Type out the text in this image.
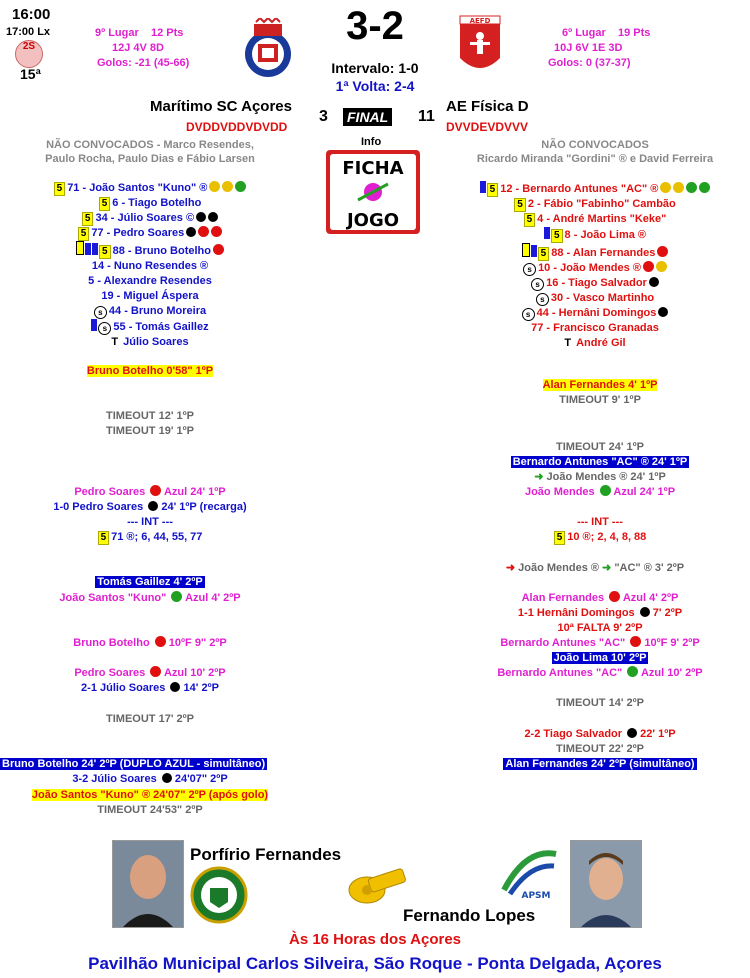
16:00
17:00 Lx
2S
15ª
9º Lugar 12 Pts
12J 4V 8D
Golos: -21 (45-66)
3-2
Intervalo: 1-0
1ª Volta: 2-4
AEFD
6º Lugar 19 Pts
10J 6V 1E 3D
Golos: 0 (37-37)
Marítimo SC Açores
3 FINAL 11
AE Física D
DVDDVDDVDVDD	DVVDEVDVVV
Info
FICHA
JOGO
NÃO CONVOCADOS - Marco Resendes,
Paulo Rocha, Paulo Dias e Fábio Larsen
NÃO CONVOCADOS
Ricardo Miranda "Gordini" ® e David Ferreira
5 71 - João Santos "Kuno" ®
5 6 - Tiago Botelho
5 34 - Júlio Soares ©
5 77 - Pedro Soares
5 88 - Bruno Botelho
14 - Nuno Resendes ®
5 - Alexandre Resendes
19 - Miguel Áspera
s 44 - Bruno Moreira
s 55 - Tomás Gaillez
T Júlio Soares
5 12 - Bernardo Antunes "AC" ®
5 2 - Fábio "Fabinho" Cambão
5 4 - André Martins "Keke"
5 8 - João Lima ®
5 88 - Alan Fernandes
s 10 - João Mendes ®
s 16 - Tiago Salvador
s 30 - Vasco Martinho
s 44 - Hernâni Domingos
77 - Francisco Granadas
T André Gil
Bruno Botelho 0'58" 1ºP
TIMEOUT 12' 1ºP
TIMEOUT 19' 1ºP
Pedro Soares Azul 24' 1ºP
1-0 Pedro Soares 24' 1ºP (recarga)
--- INT ---
5 71 ®; 6, 44, 55, 77
Tomás Gaillez 4' 2ºP
João Santos "Kuno" Azul 4' 2ºP
Bruno Botelho 10ºF 9'' 2ºP
Pedro Soares Azul 10' 2ºP
2-1 Júlio Soares 14' 2ºP
TIMEOUT 17' 2ºP
Bruno Botelho 24' 2ºP (DUPLO AZUL - simultâneo)
3-2 Júlio Soares 24'07" 2ºP
João Santos "Kuno" ® 24'07" 2ºP (após golo)
TIMEOUT 24'53" 2ºP
Alan Fernandes 4' 1ºP
TIMEOUT 9' 1ºP
TIMEOUT 24' 1ºP
Bernardo Antunes "AC" ® 24' 1ºP
➜ João Mendes ® 24' 1ºP
João Mendes Azul 24' 1ºP
--- INT ---
5 10 ®; 2, 4, 8, 88
➜ João Mendes ® ➜ "AC" ® 3' 2ºP
Alan Fernandes Azul 4' 2ºP
1-1 Hernâni Domingos 7' 2ºP
10ª FALTA 9' 2ºP
Bernardo Antunes "AC" 10ºF 9' 2ºP
João Lima 10' 2ºP
Bernardo Antunes "AC" Azul 10' 2ºP
TIMEOUT 14' 2ºP
2-2 Tiago Salvador 22' 1ºP
TIMEOUT 22' 2ºP
Alan Fernandes 24' 2ºP (simultâneo)
Porfírio Fernandes
APSM
Fernando Lopes
Às 16 Horas dos Açores
Pavilhão Municipal Carlos Silveira, São Roque - Ponta Delgada, Açores
